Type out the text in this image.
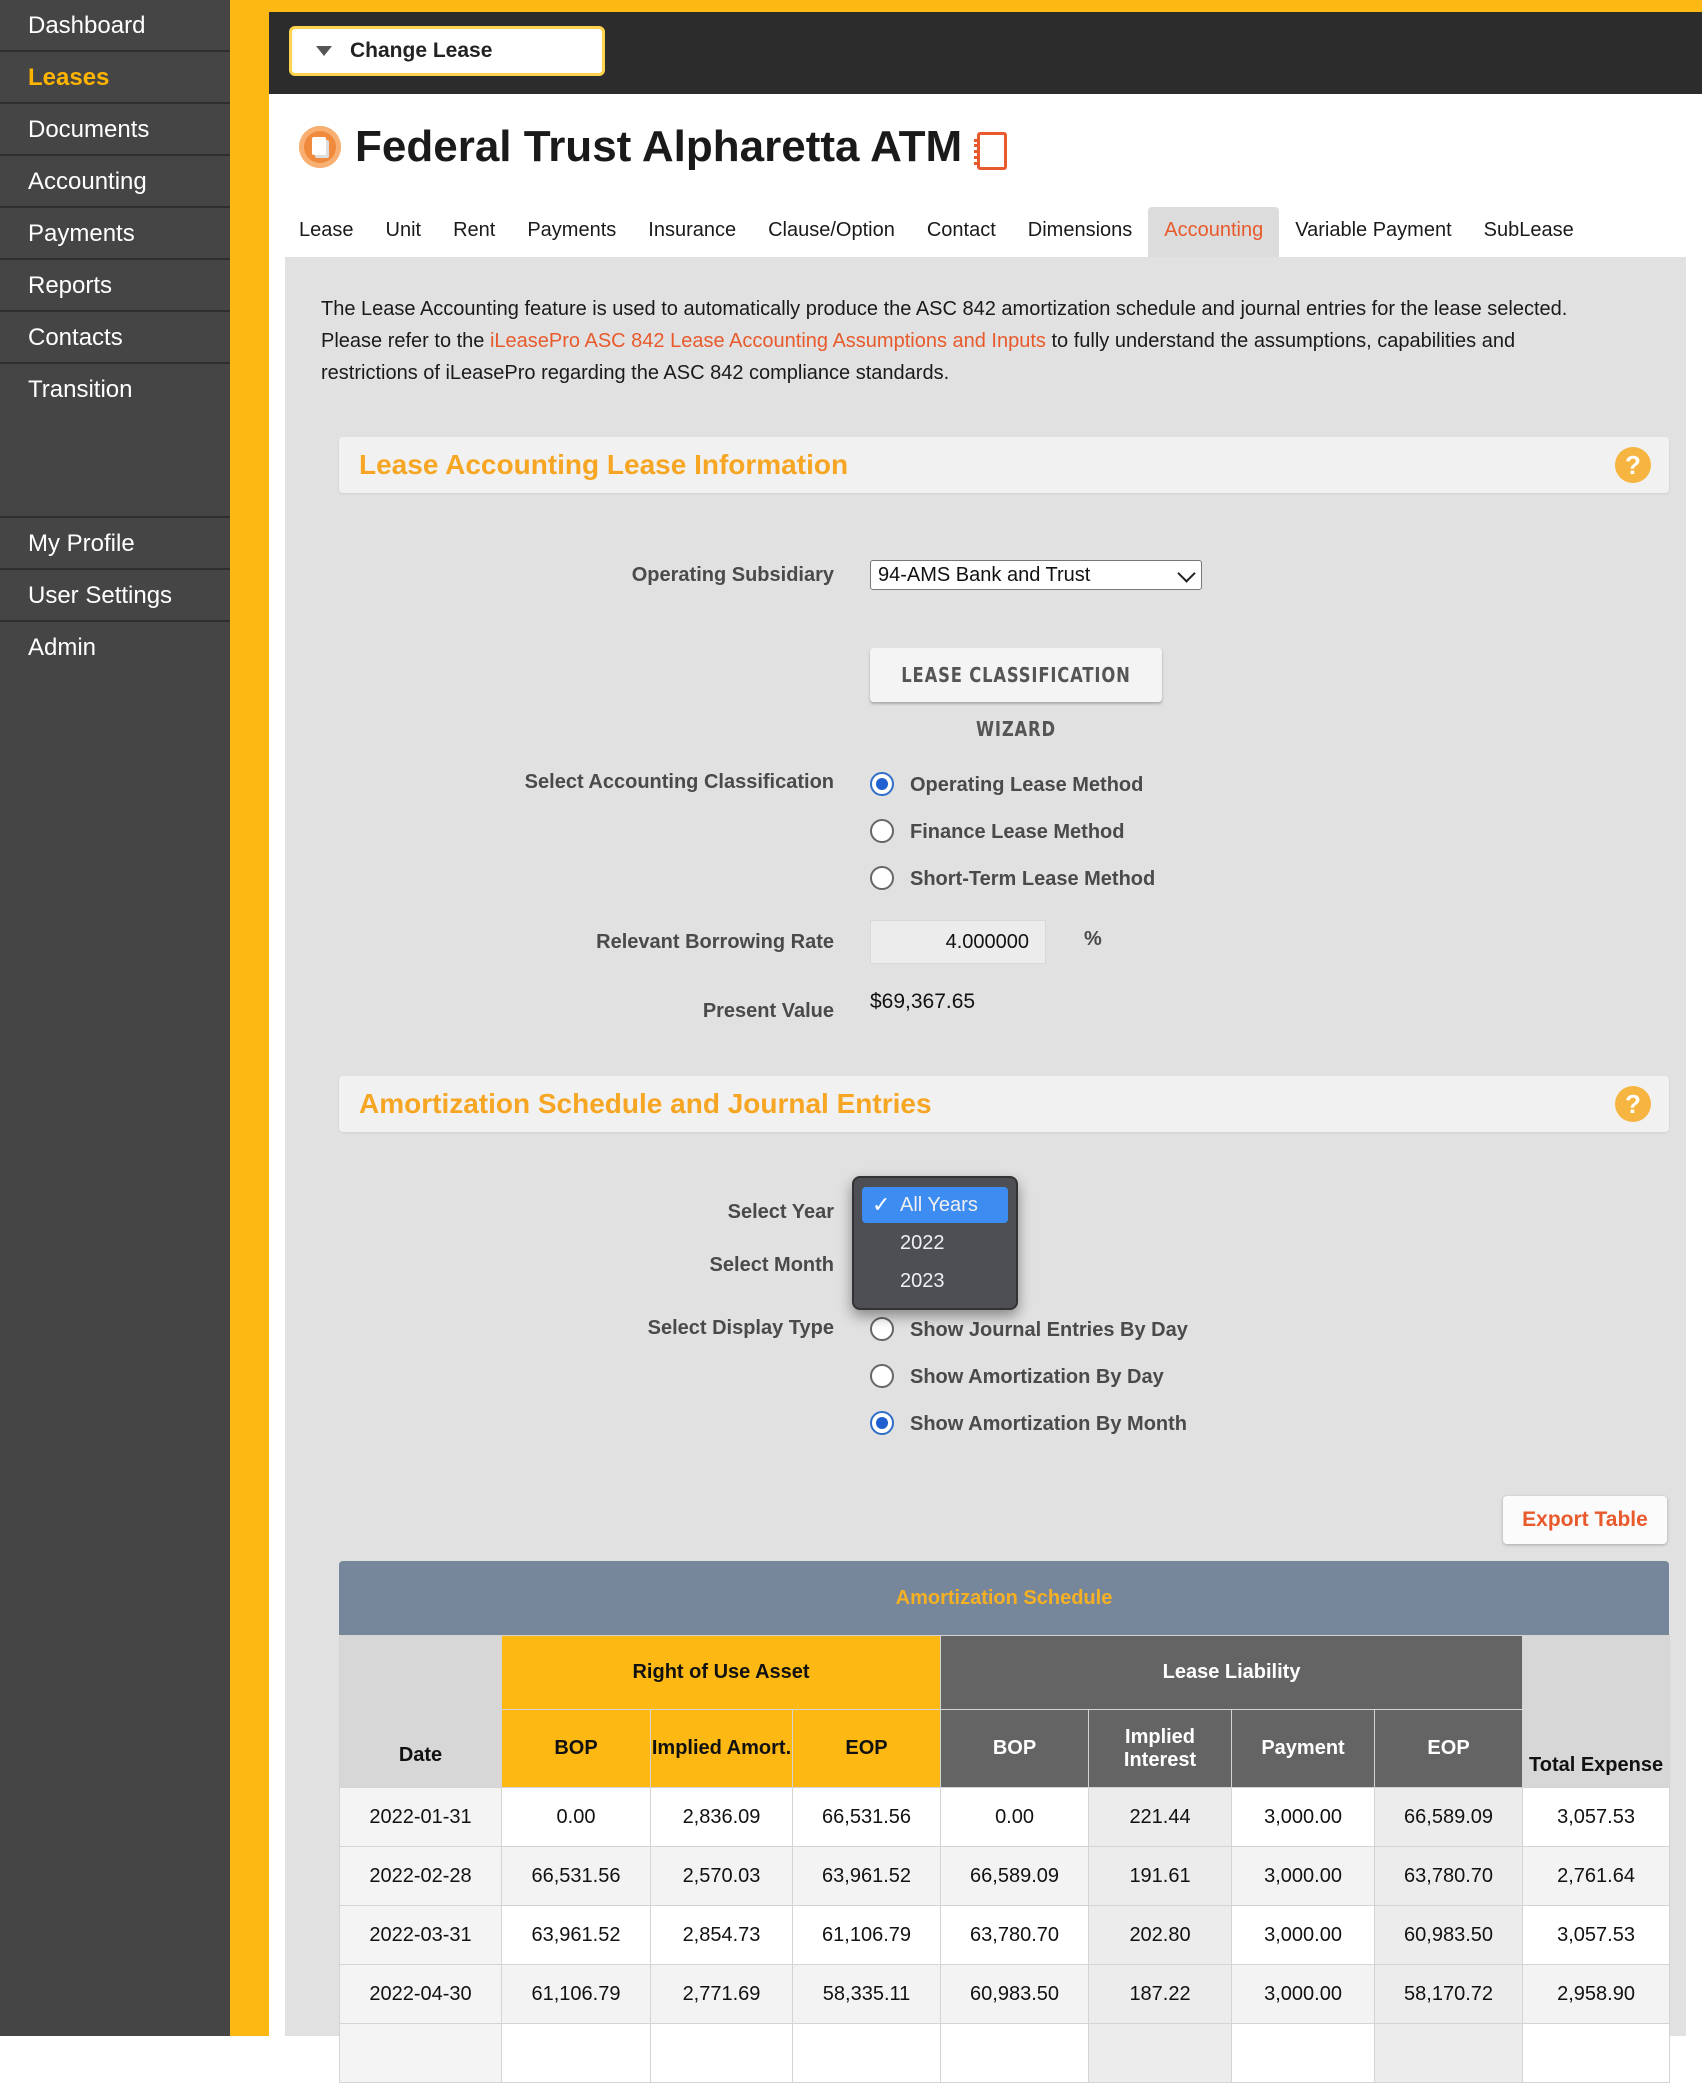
Dashboard
Leases
Documents
Accounting
Payments
Reports
Contacts
Transition
My Profile
User Settings
Admin
Change Lease
Federal Trust Alpharetta ATM
Lease	Unit	Rent	Payments	Insurance	Clause/Option	Contact	Dimensions	Accounting	Variable Payment	SubLease
The Lease Accounting feature is used to automatically produce the ASC 842 amortization schedule and journal entries for the lease selected. Please refer to the iLeasePro ASC 842 Lease Accounting Assumptions and Inputs to fully understand the assumptions, capabilities and restrictions of iLeasePro regarding the ASC 842 compliance standards.
Lease Accounting Lease Information	?
Operating Subsidiary	94-AMS Bank and Trust
LEASE CLASSIFICATION WIZARD
Select Accounting Classification	Operating Lease Method
Finance Lease Method
Short-Term Lease Method
Relevant Borrowing Rate	4.000000	%
Present Value $69,367.65
Amortization Schedule and Journal Entries	?
Select Year
Select Month
Select Display Type	Show Journal Entries By Day
Show Amortization By Day
Show Amortization By Month
✓ All Years
2022
2023
Export Table
Amortization Schedule
Date	Right of Use Asset			Lease Liability				Total Expense
	BOP	Implied Amort.	EOP	BOP	Implied Interest	Payment	EOP	
2022-01-31	0.00	2,836.09	66,531.56	0.00	221.44	3,000.00	66,589.09	3,057.53
2022-02-28	66,531.56	2,570.03	63,961.52	66,589.09	191.61	3,000.00	63,780.70	2,761.64
2022-03-31	63,961.52	2,854.73	61,106.79	63,780.70	202.80	3,000.00	60,983.50	3,057.53
2022-04-30	61,106.79	2,771.69	58,335.11	60,983.50	187.22	3,000.00	58,170.72	2,958.90
